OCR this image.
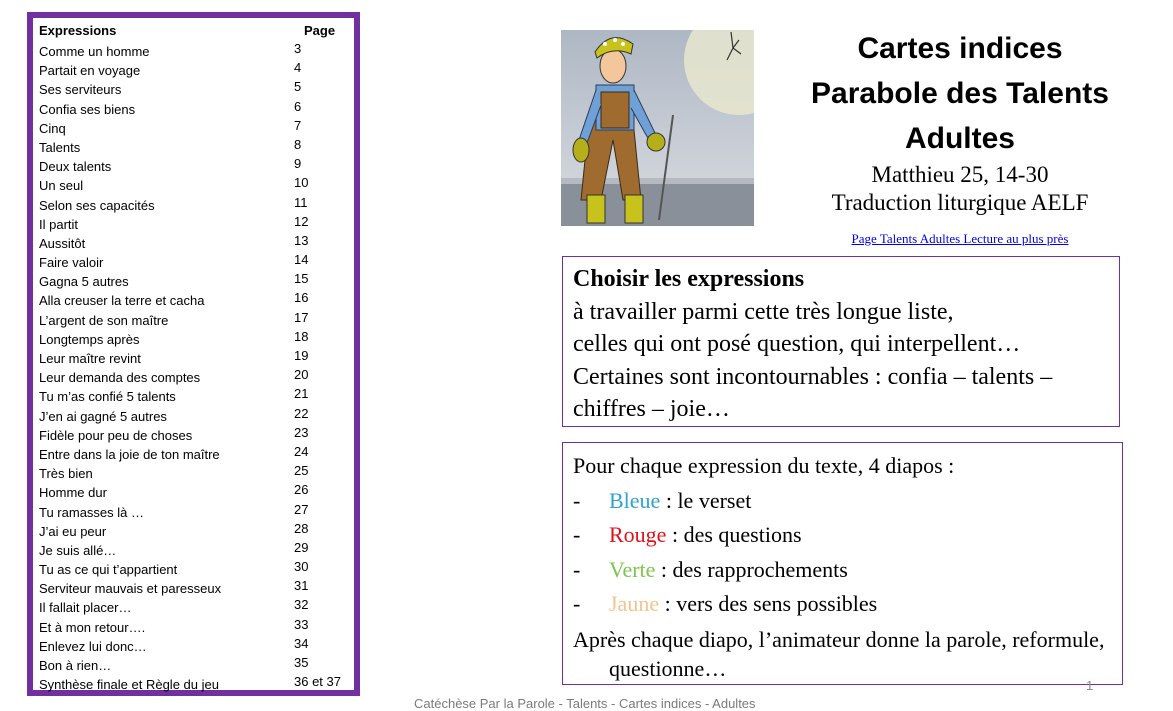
Expressions	Page
Comme un homme	3
Partait en voyage	4
Ses serviteurs	5
Confia ses biens	6
Cinq	7
Talents	8
Deux talents	9
Un seul	10
Selon ses capacités	11
Il partit	12
Aussitôt	13
Faire valoir	14
Gagna 5 autres	15
Alla creuser la terre et cacha	16
L’argent de son maître	17
Longtemps après	18
Leur maître revint	19
Leur demanda des comptes	20
Tu m’as confié 5 talents	21
J’en ai gagné 5 autres	22
Fidèle pour peu de choses	23
Entre dans la joie de ton maître	24
Très bien	25
Homme dur	26
Tu ramasses là …	27
J’ai eu peur	28
Je suis allé…	29
Tu as ce qui t’appartient	30
Serviteur mauvais et paresseux	31
Il fallait placer…	32
Et à mon retour….	33
Enlevez lui donc…	34
Bon à rien…	35
Synthèse finale et Règle du jeu	36 et 37

Cartes indices

Parabole des Talents

Adultes

Matthieu 25, 14-30

Traduction liturgique AELF

Page Talents Adultes Lecture au plus près
Choisir les expressions
à travailler parmi cette très longue liste,
celles qui ont posé question, qui interpellent…
Certaines sont incontournables : confia – talents – chiffres – joie…
Pour chaque expression du texte, 4 diapos :
- Bleue : le verset
- Rouge : des questions
- Verte : des rapprochements
- Jaune : vers des sens possibles
Après chaque diapo, l’animateur donne la parole, reformule, questionne…
1
Catéchèse Par la Parole - Talents - Cartes indices - Adultes
